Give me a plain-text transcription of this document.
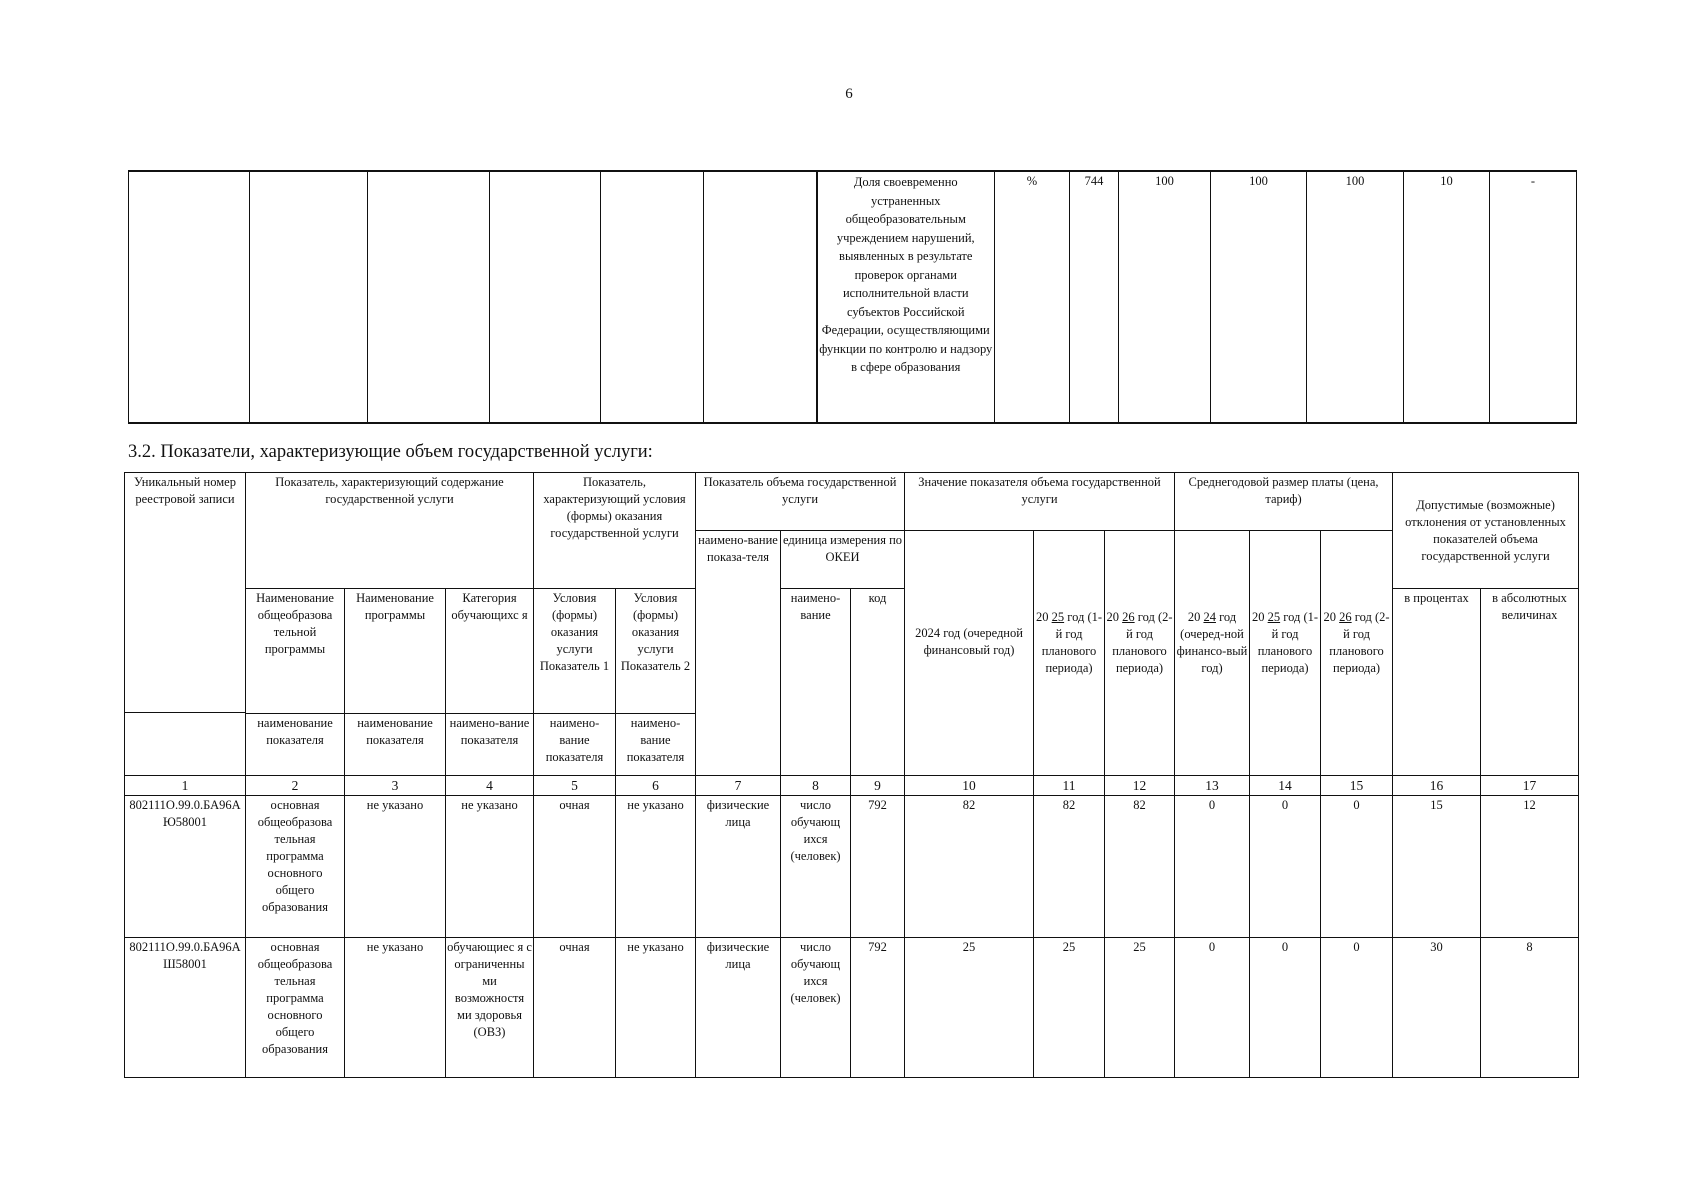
6
						Доля своевременно устраненных общеобразовательным учреждением нарушений, выявленных в результате проверок органами исполнительной власти субъектов Российской Федерации, осуществляющими функции по контролю и надзору в сфере образования	%	744	100	100	100	10	-
3.2. Показатели, характеризующие объем государственной услуги:
Уникальный номер реестровой записи	Показатель, характеризующий содержание государственной услуги			Показатель, характеризующий условия (формы) оказания государственной услуги		Показатель объема государственной услуги			Значение показателя объема государственной услуги			Среднегодовой размер платы (цена, тариф)			Допустимые (возможные) отклонения от установленных показателей объема государственной услуги	
						наимено-вание показа-теля	единица измерения по ОКЕИ		2024 год (очередной финансовый год)	20 25 год (1-й год планового периода)	20 26 год (2-й год планового периода)	20 24 год (очеред-ной финансо-вый год)	20 25 год (1-й год планового периода)	20 26 год (2-й год планового периода)		

	Наименование общеобразова тельной программы	Наименование программы	Категория обучающихс я	Условия (формы) оказания услуги Показатель 1	Условия (формы) оказания услуги Показатель 2		наимено-вание	код							в процентах	в абсолютных величинах

	наименование показателя	наименование показателя	наимено-вание показателя	наимено-вание показателя	наимено-вание показателя											
1	2	3	4	5	6	7	8	9	10	11	12	13	14	15	16	17
802111О.99.0.БА96АЮ58001	основная общеобразова тельная программа основного общего образования	не указано	не указано	очная	не указано	физические лица	число обучающ ихся (человек)	792	82	82	82	0	0	0	15	12
802111О.99.0.БА96АШ58001	основная общеобразова тельная программа основного общего образования	не указано	обучающиес я с ограниченны ми возможностя ми здоровья (ОВЗ)	очная	не указано	физические лица	число обучающ ихся (человек)	792	25	25	25	0	0	0	30	8
